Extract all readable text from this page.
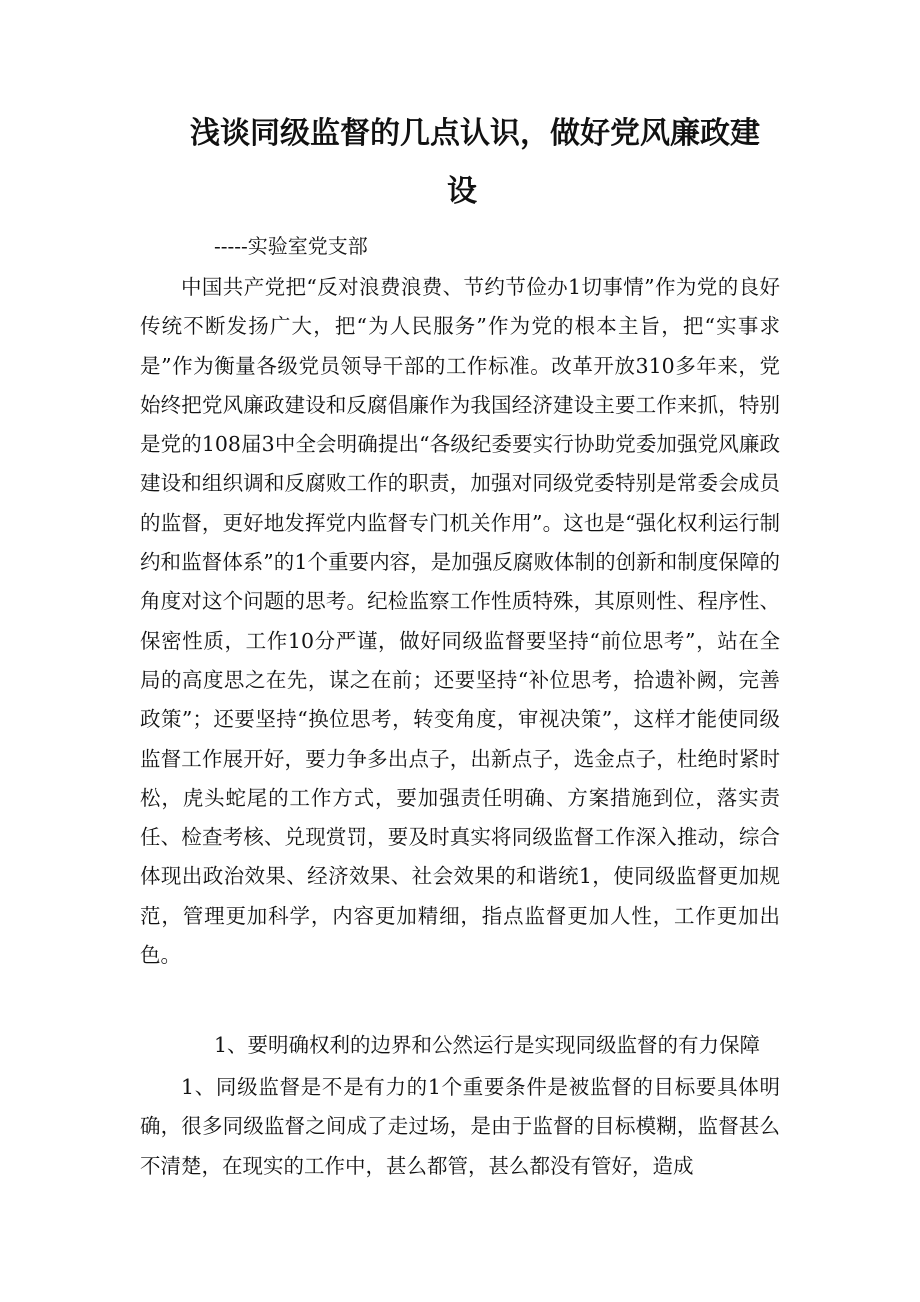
浅谈同级监督的几点认识，做好党风廉政建
设

-----实验室党支部

中国共产党把“反对浪费浪费、节约节俭办1切事情”作为党的良好传统不断发扬广大，把“为人民服务”作为党的根本主旨，把“实事求是”作为衡量各级党员领导干部的工作标准。改革开放310多年来，党始终把党风廉政建设和反腐倡廉作为我国经济建设主要工作来抓，特别是党的108届3中全会明确提出“各级纪委要实行协助党委加强党风廉政建设和组织调和反腐败工作的职责，加强对同级党委特别是常委会成员的监督，更好地发挥党内监督专门机关作用”。这也是“强化权利运行制约和监督体系”的1个重要内容，是加强反腐败体制的创新和制度保障的角度对这个问题的思考。纪检监察工作性质特殊，其原则性、程序性、保密性质，工作10分严谨，做好同级监督要坚持“前位思考”，站在全局的高度思之在先，谋之在前；还要坚持“补位思考，拾遗补阙，完善政策”；还要坚持“换位思考，转变角度，审视决策”，这样才能使同级监督工作展开好，要力争多出点子，出新点子，选金点子，杜绝时紧时松，虎头蛇尾的工作方式，要加强责任明确、方案措施到位，落实责任、检查考核、兑现赏罚，要及时真实将同级监督工作深入推动，综合体现出政治效果、经济效果、社会效果的和谐统1，使同级监督更加规范，管理更加科学，内容更加精细，指点监督更加人性，工作更加出色。

1、要明确权利的边界和公然运行是实现同级监督的有力保障

1、同级监督是不是有力的1个重要条件是被监督的目标要具体明确，很多同级监督之间成了走过场，是由于监督的目标模糊，监督甚么不清楚，在现实的工作中，甚么都管，甚么都没有管好，造成
